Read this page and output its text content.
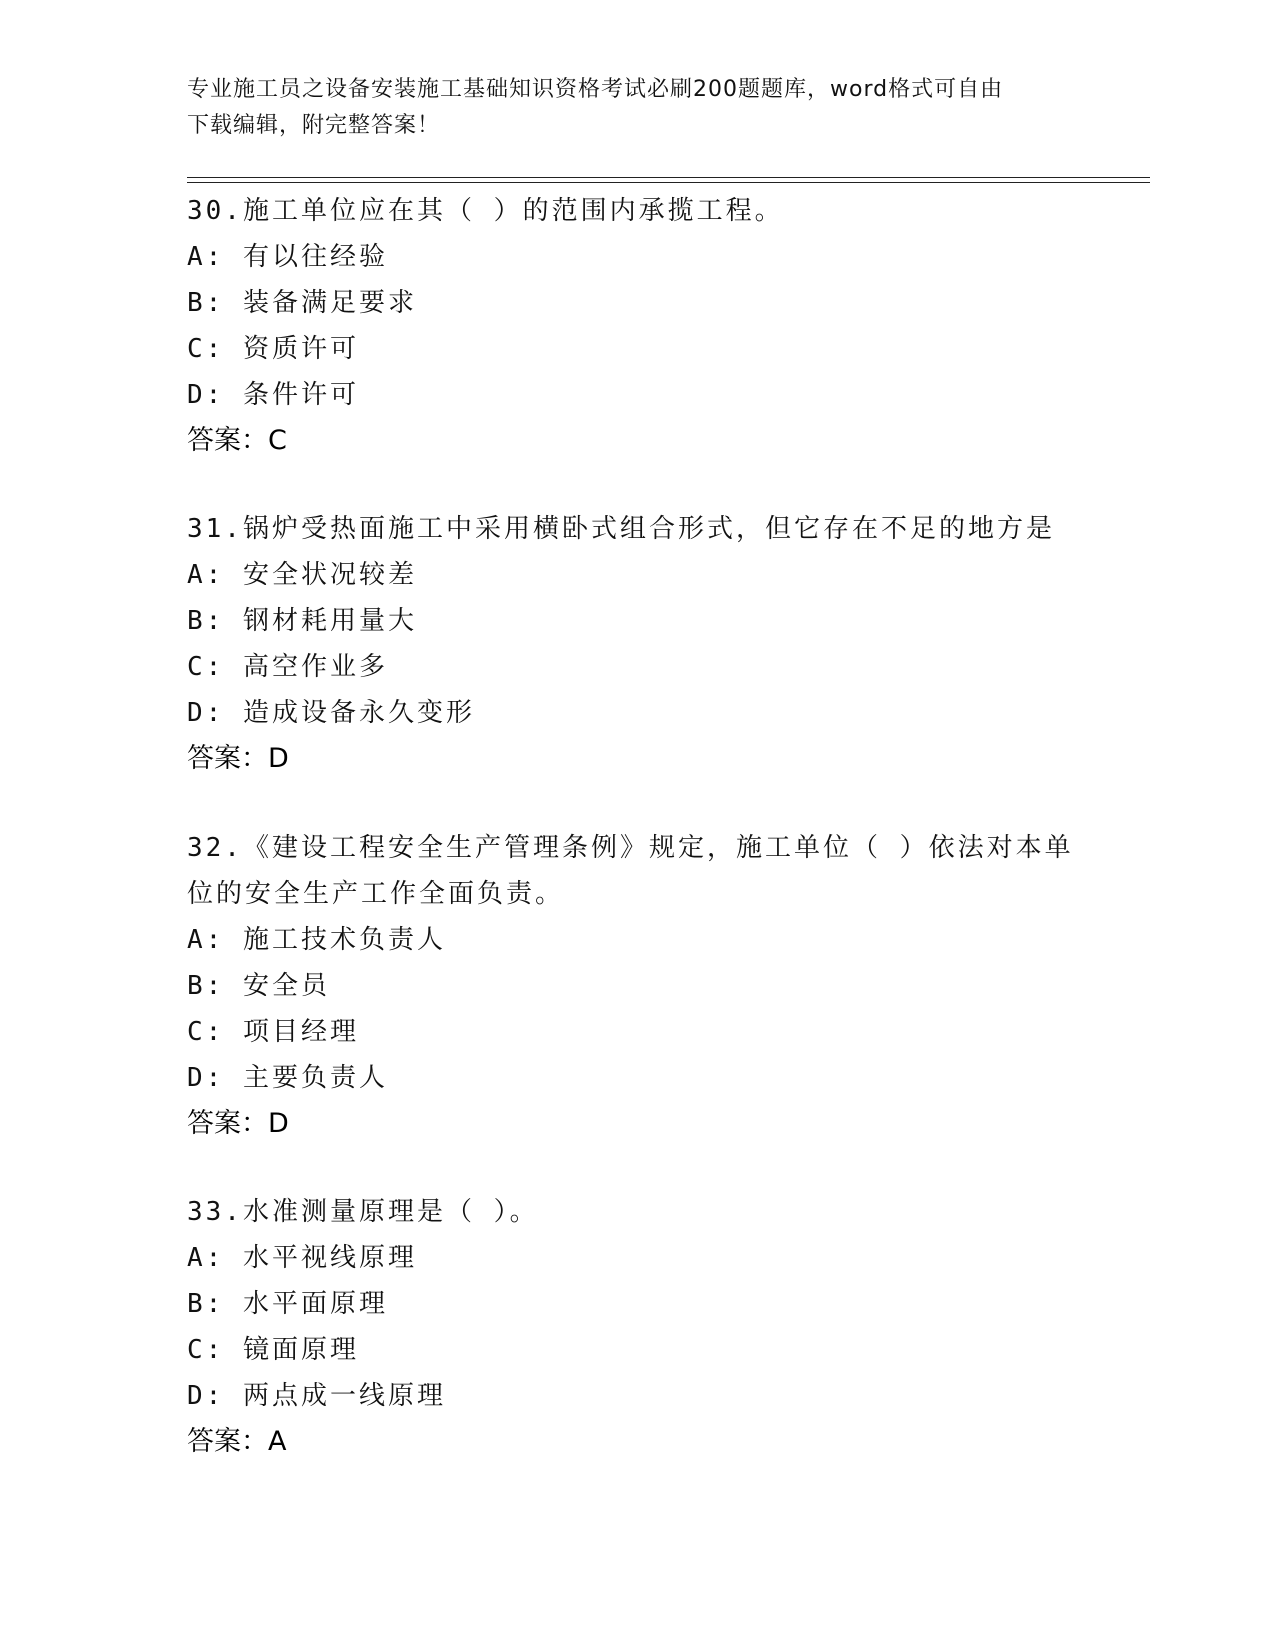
专业施工员之设备安装施工基础知识资格考试必刷200题题库，word格式可自由
下载编辑，附完整答案！

30.施工单位应在其（ ）的范围内承揽工程。
A: 有以往经验
B: 装备满足要求
C: 资质许可
D: 条件许可
答案：C
31.锅炉受热面施工中采用横卧式组合形式，但它存在不足的地方是
A: 安全状况较差
B: 钢材耗用量大
C: 高空作业多
D: 造成设备永久变形
答案：D
32.《建设工程安全生产管理条例》规定，施工单位（ ）依法对本单
位的安全生产工作全面负责。
A: 施工技术负责人
B: 安全员
C: 项目经理
D: 主要负责人
答案：D
33.水准测量原理是（ ）。
A: 水平视线原理
B: 水平面原理
C: 镜面原理
D: 两点成一线原理
答案：A
